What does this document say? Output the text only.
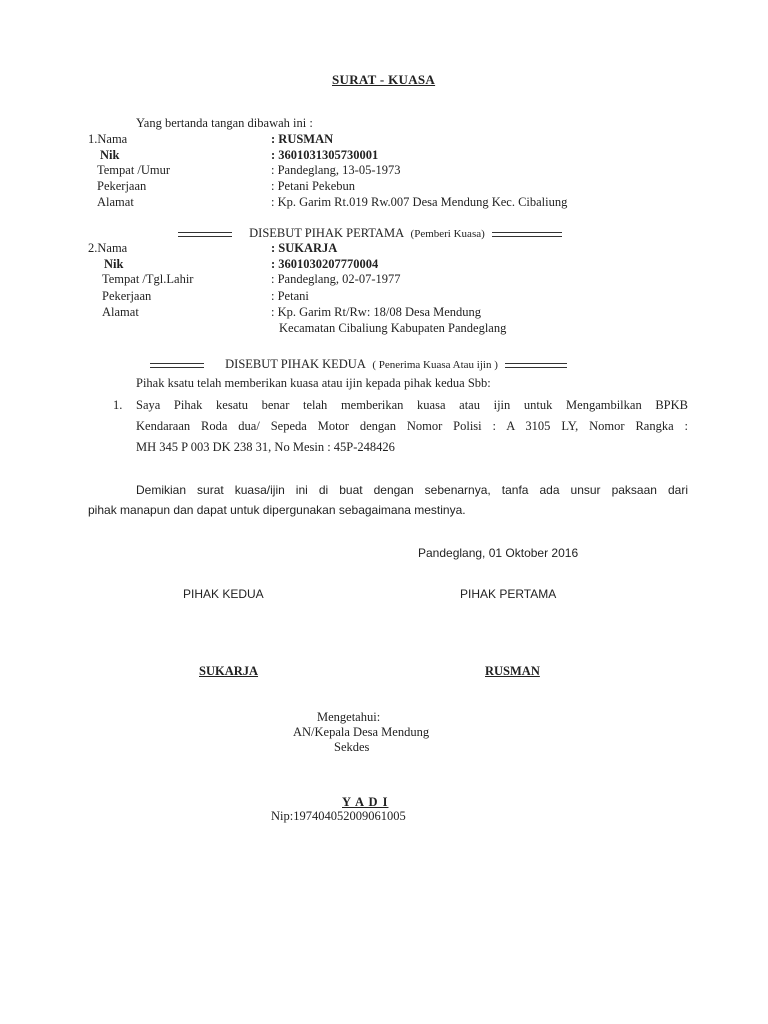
SURAT - KUASA
Yang bertanda tangan dibawah ini :
1.Nama	: RUSMAN
Nik	: 3601031305730001
Tempat /Umur	: Pandeglang, 13-05-1973
Pekerjaan	: Petani Pekebun
Alamat	: Kp. Garim Rt.019 Rw.007 Desa Mendung Kec. Cibaliung
DISEBUT PIHAK PERTAMA (Pemberi Kuasa)
2.Nama	: SUKARJA
Nik	: 3601030207770004
Tempat /Tgl.Lahir	: Pandeglang, 02-07-1977
Pekerjaan	: Petani
Alamat	: Kp. Garim Rt/Rw: 18/08 Desa Mendung
Kecamatan Cibaliung Kabupaten Pandeglang
DISEBUT PIHAK KEDUA ( Penerima Kuasa Atau ijin )
Pihak ksatu telah memberikan kuasa atau ijin kepada pihak kedua Sbb:
1. Saya Pihak kesatu benar telah memberikan kuasa atau ijin untuk Mengambilkan BPKB
Kendaraan Roda dua/ Sepeda Motor dengan Nomor Polisi : A 3105 LY, Nomor Rangka :
MH 345 P 003 DK 238 31, No Mesin : 45P-248426
Demikian surat kuasa/ijin ini di buat dengan sebenarnya, tanfa ada unsur paksaan dari
pihak manapun dan dapat untuk dipergunakan sebagaimana mestinya.
Pandeglang, 01 Oktober 2016
PIHAK KEDUA	PIHAK PERTAMA
SUKARJA	RUSMAN
Mengetahui:
AN/Kepala Desa Mendung
Sekdes
Y A D I
Nip:197404052009061005
